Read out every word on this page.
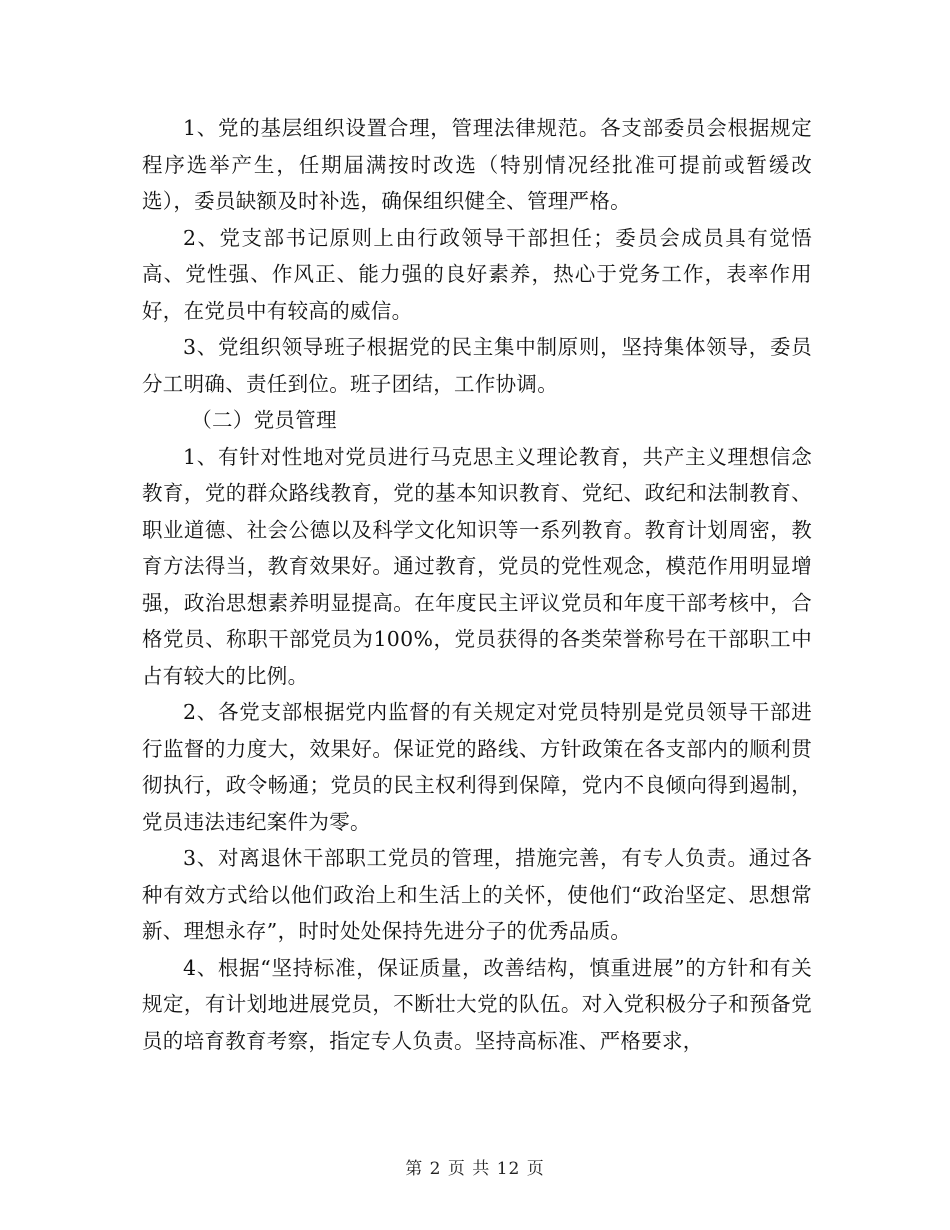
1、党的基层组织设置合理，管理法律规范。各支部委员会根据规定程序选举产生，任期届满按时改选（特别情况经批准可提前或暂缓改选），委员缺额及时补选，确保组织健全、管理严格。

2、党支部书记原则上由行政领导干部担任；委员会成员具有觉悟高、党性强、作风正、能力强的良好素养，热心于党务工作，表率作用好，在党员中有较高的威信。

3、党组织领导班子根据党的民主集中制原则，坚持集体领导，委员分工明确、责任到位。班子团结，工作协调。

（二）党员管理

1、有针对性地对党员进行马克思主义理论教育，共产主义理想信念教育，党的群众路线教育，党的基本知识教育、党纪、政纪和法制教育、职业道德、社会公德以及科学文化知识等一系列教育。教育计划周密，教育方法得当，教育效果好。通过教育，党员的党性观念，模范作用明显增强，政治思想素养明显提高。在年度民主评议党员和年度干部考核中，合格党员、称职干部党员为100%，党员获得的各类荣誉称号在干部职工中占有较大的比例。

2、各党支部根据党内监督的有关规定对党员特别是党员领导干部进行监督的力度大，效果好。保证党的路线、方针政策在各支部内的顺利贯彻执行，政令畅通；党员的民主权利得到保障，党内不良倾向得到遏制，党员违法违纪案件为零。

3、对离退休干部职工党员的管理，措施完善，有专人负责。通过各种有效方式给以他们政治上和生活上的关怀，使他们“政治坚定、思想常新、理想永存”，时时处处保持先进分子的优秀品质。

4、根据“坚持标准，保证质量，改善结构，慎重进展”的方针和有关规定，有计划地进展党员，不断壮大党的队伍。对入党积极分子和预备党员的培育教育考察，指定专人负责。坚持高标准、严格要求，

第 2 页 共 12 页
